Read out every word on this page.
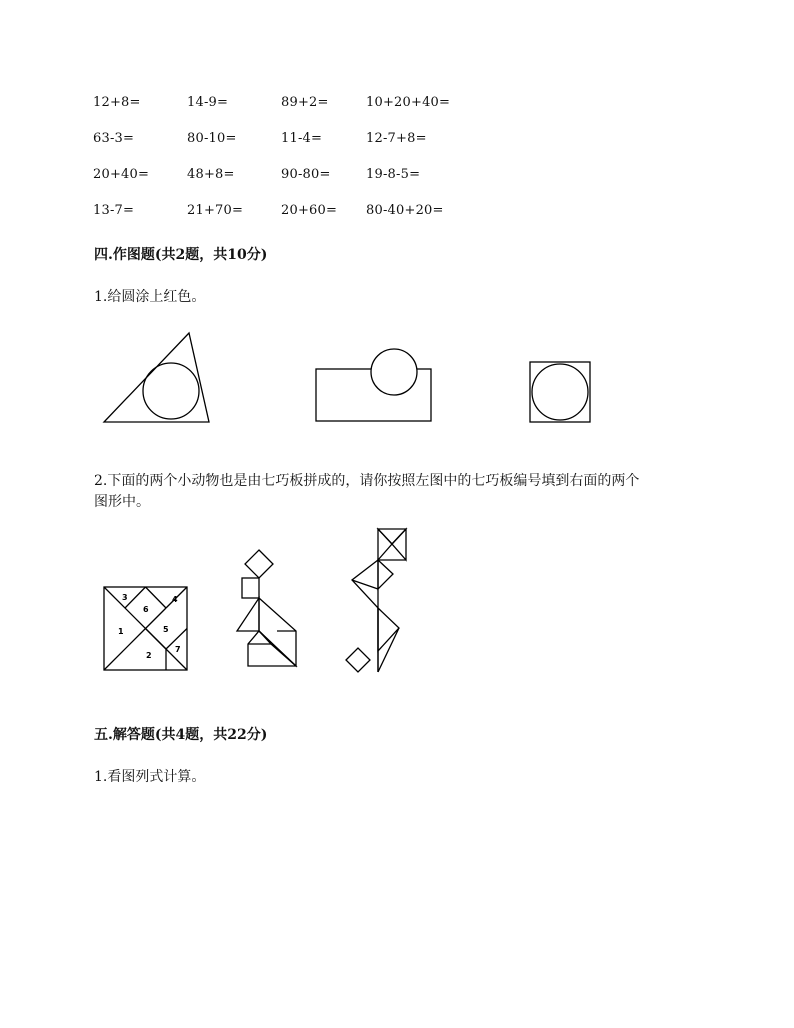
12+8=	14-9=	89+2=	10+20+40=
63-3=	80-10=	11-4=	12-7+8=
20+40=	48+8=	90-80=	19-8-5=
13-7=	21+70=	20+60= 80-40+20=
四.作图题(共2题，共10分)
1.给圆涂上红色。
2.下面的两个小动物也是由七巧板拼成的，请你按照左图中的七巧板编号填到右面的两个
图形中。
3
6
4
1	5
2
7
五.解答题(共4题，共22分)
1.看图列式计算。
